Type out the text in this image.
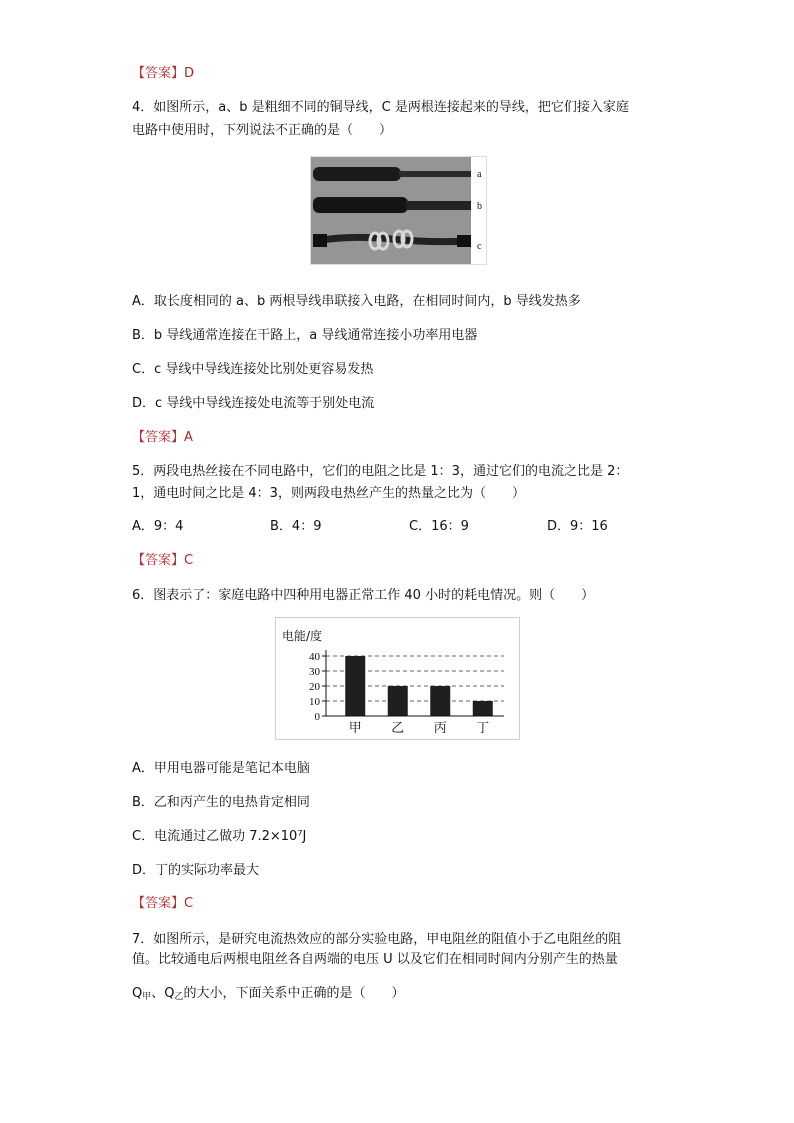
【答案】D
4．如图所示，a、b 是粗细不同的铜导线，C 是两根连接起来的导线，把它们接入家庭
电路中使用时，下列说法不正确的是（　　）
a
b
c
A．取长度相同的 a、b 两根导线串联接入电路，在相同时间内，b 导线发热多
B．b 导线通常连接在干路上，a 导线通常连接小功率用电器
C．c 导线中导线连接处比别处更容易发热
D．c 导线中导线连接处电流等于别处电流
【答案】A
5．两段电热丝接在不同电路中，它们的电阻之比是 1：3，通过它们的电流之比是 2：
1，通电时间之比是 4：3，则两段电热丝产生的热量之比为（　　）
A．9：4	B．4：9	C．16：9	D．9：16
【答案】C
6．图表示了：家庭电路中四种用电器正常工作 40 小时的耗电情况。则（　　）
电能/度
40
30
20
10
0
甲 乙 丙 丁
A．甲用电器可能是笔记本电脑
B．乙和丙产生的电热肯定相同
C．电流通过乙做功 7.2×10⁷J
D．丁的实际功率最大
【答案】C
7．如图所示，是研究电流热效应的部分实验电路，甲电阻丝的阻值小于乙电阻丝的阻
值。比较通电后两根电阻丝各自两端的电压 U 以及它们在相同时间内分别产生的热量
$Q_甲$、$Q_乙$的大小，下面关系中正确的是（　　）
